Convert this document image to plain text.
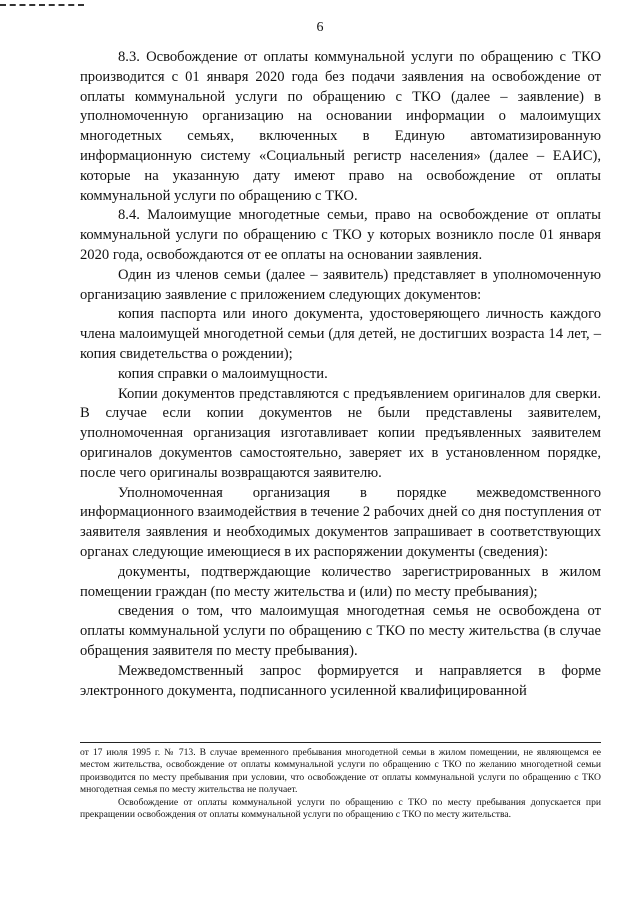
6

8.3. Освобождение от оплаты коммунальной услуги по обращению с ТКО производится с 01 января 2020 года без подачи заявления на освобождение от оплаты коммунальной услуги по обращению с ТКО (далее – заявление) в уполномоченную организацию на основании информации о малоимущих многодетных семьях, включенных в Единую автоматизированную информационную систему «Социальный регистр населения» (далее – ЕАИС), которые на указанную дату имеют право на освобождение от оплаты коммунальной услуги по обращению с ТКО.

8.4. Малоимущие многодетные семьи, право на освобождение от оплаты коммунальной услуги по обращению с ТКО у которых возникло после 01 января 2020 года, освобождаются от ее оплаты на основании заявления.

Один из членов семьи (далее – заявитель) представляет в уполномоченную организацию заявление с приложением следующих документов:

копия паспорта или иного документа, удостоверяющего личность каждого члена малоимущей многодетной семьи (для детей, не достигших возраста 14 лет, – копия свидетельства о рождении);

копия справки о малоимущности.

Копии документов представляются с предъявлением оригиналов для сверки. В случае если копии документов не были представлены заявителем, уполномоченная организация изготавливает копии предъявленных заявителем оригиналов документов самостоятельно, заверяет их в установленном порядке, после чего оригиналы возвращаются заявителю.

Уполномоченная организация в порядке межведомственного информационного взаимодействия в течение 2 рабочих дней со дня поступления от заявителя заявления и необходимых документов запрашивает в соответствующих органах следующие имеющиеся в их распоряжении документы (сведения):

документы, подтверждающие количество зарегистрированных в жилом помещении граждан (по месту жительства и (или) по месту пребывания);

сведения о том, что малоимущая многодетная семья не освобождена от оплаты коммунальной услуги по обращению с ТКО по месту жительства (в случае обращения заявителя по месту пребывания).

Межведомственный запрос формируется и направляется в форме электронного документа, подписанного усиленной квалифицированной

от 17 июля 1995 г. № 713. В случае временного пребывания многодетной семьи в жилом помещении, не являющемся ее местом жительства, освобождение от оплаты коммунальной услуги по обращению с ТКО по желанию многодетной семьи производится по месту пребывания при условии, что освобождение от оплаты коммунальной услуги по обращению с ТКО многодетная семья по месту жительства не получает.

Освобождение от оплаты коммунальной услуги по обращению с ТКО по месту пребывания допускается при прекращении освобождения от оплаты коммунальной услуги по обращению с ТКО по месту жительства.
